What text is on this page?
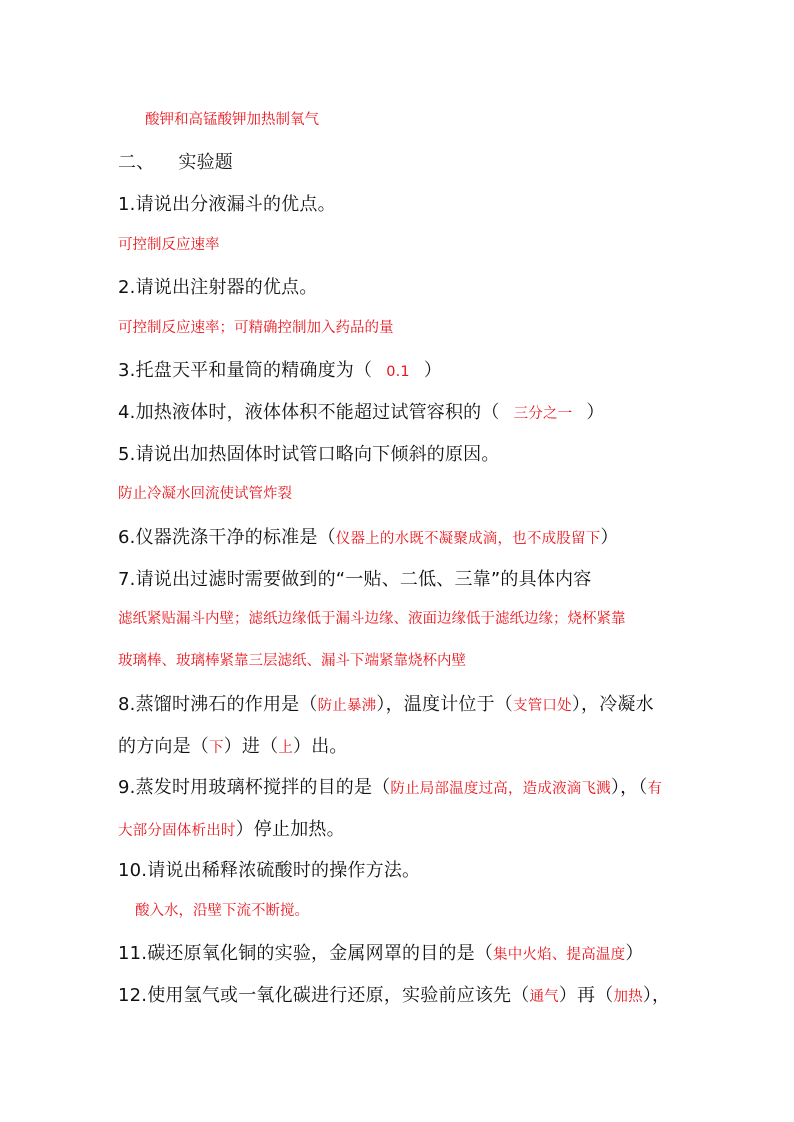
酸钾和高锰酸钾加热制氧气
二、 实验题
1.请说出分液漏斗的优点。
可控制反应速率
2.请说出注射器的优点。
可控制反应速率；可精确控制加入药品的量
3.托盘天平和量筒的精确度为（ 0.1 ）
4.加热液体时，液体体积不能超过试管容积的（ 三分之一 ）
5.请说出加热固体时试管口略向下倾斜的原因。
防止冷凝水回流使试管炸裂
6.仪器洗涤干净的标准是（仪器上的水既不凝聚成滴，也不成股留下）
7.请说出过滤时需要做到的“一贴、二低、三靠”的具体内容
滤纸紧贴漏斗内壁；滤纸边缘低于漏斗边缘、液面边缘低于滤纸边缘；烧杯紧靠
玻璃棒、玻璃棒紧靠三层滤纸、漏斗下端紧靠烧杯内壁
8.蒸馏时沸石的作用是（防止暴沸），温度计位于（支管口处），冷凝水
的方向是（下）进（上）出。
9.蒸发时用玻璃杯搅拌的目的是（防止局部温度过高，造成液滴飞溅），（有
大部分固体析出时）停止加热。
10.请说出稀释浓硫酸时的操作方法。
酸入水，沿壁下流不断搅。
11.碳还原氧化铜的实验，金属网罩的目的是（集中火焰、提高温度）
12.使用氢气或一氧化碳进行还原，实验前应该先（通气）再（加热），
